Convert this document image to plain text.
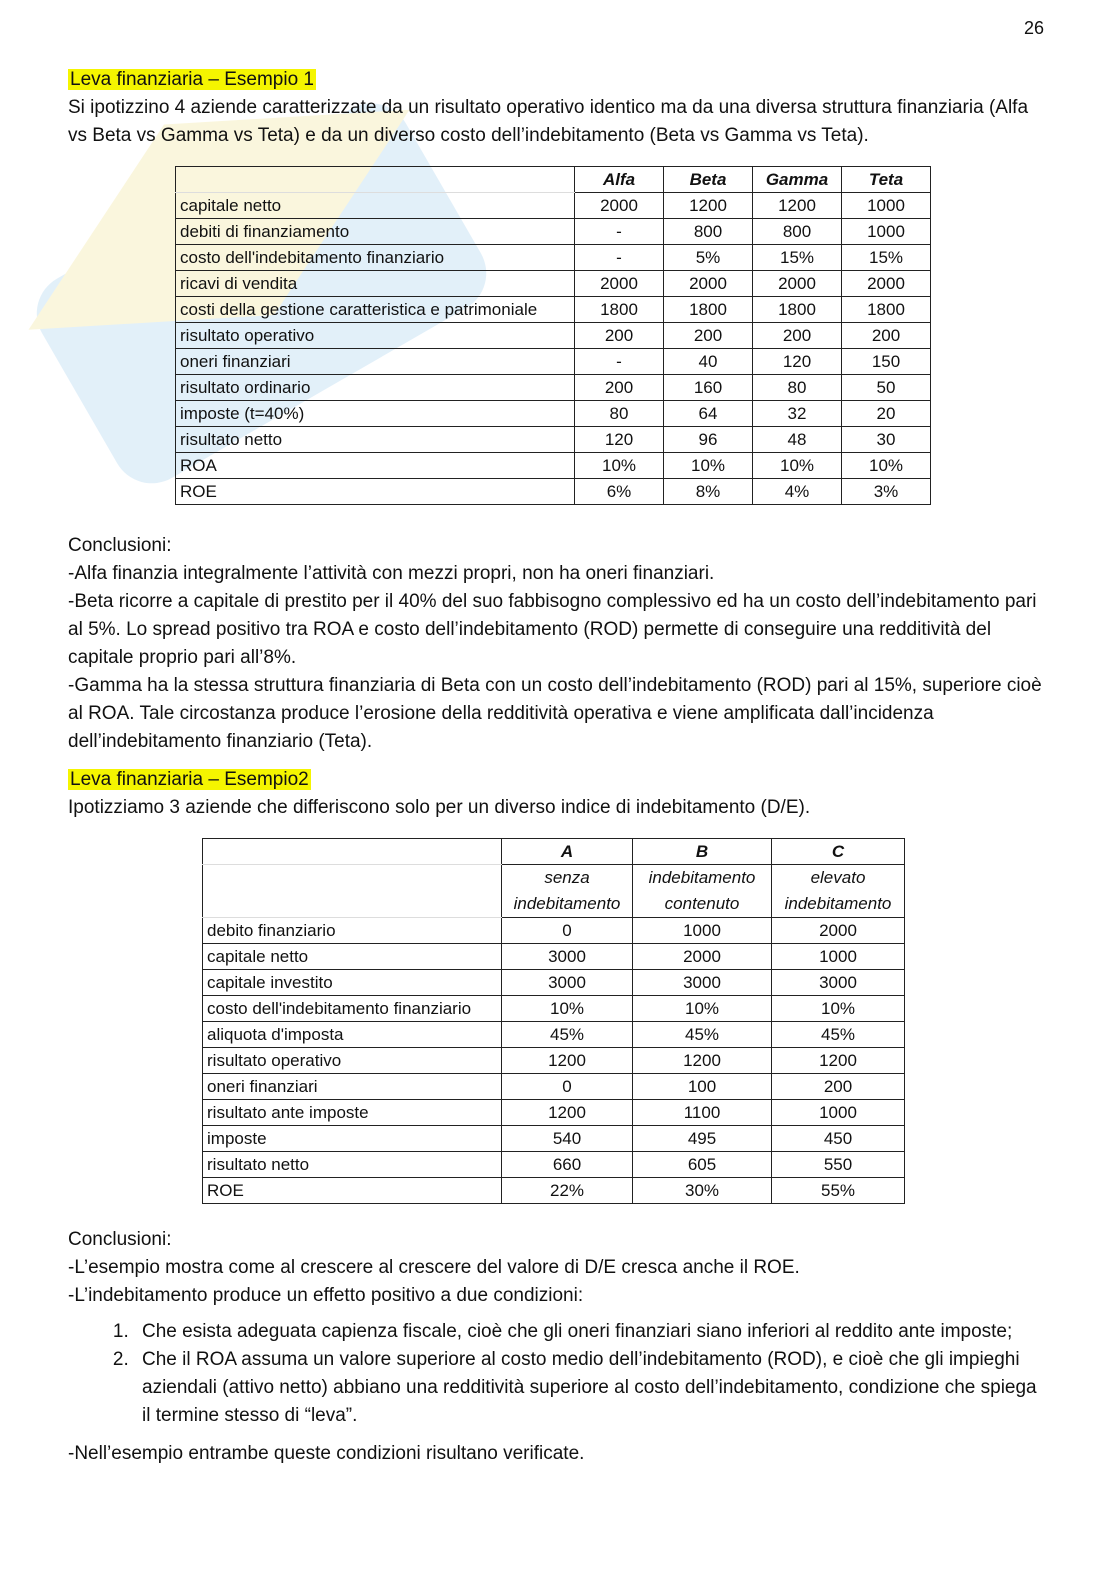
26
Leva finanziaria – Esempio 1

Si ipotizzino 4 aziende caratterizzate da un risultato operativo identico ma da una diversa struttura finanziaria (Alfa vs Beta vs Gamma vs Teta) e da un diverso costo dell’indebitamento (Beta vs Gamma vs Teta).

	Alfa	Beta	Gamma	Teta
capitale netto	2000	1200	1200	1000
debiti di finanziamento	-	800	800	1000
costo dell'indebitamento finanziario	-	5%	15%	15%
ricavi di vendita	2000	2000	2000	2000
costi della gestione caratteristica e patrimoniale	1800	1800	1800	1800
risultato operativo	200	200	200	200
oneri finanziari	-	40	120	150
risultato ordinario	200	160	80	50
imposte (t=40%)	80	64	32	20
risultato netto	120	96	48	30
ROA	10%	10%	10%	10%
ROE	6%	8%	4%	3%

Conclusioni:

-Alfa finanzia integralmente l’attività con mezzi propri, non ha oneri finanziari.

-Beta ricorre a capitale di prestito per il 40% del suo fabbisogno complessivo ed ha un costo dell’indebitamento pari al 5%. Lo spread positivo tra ROA e costo dell’indebitamento (ROD) permette di conseguire una redditività del capitale proprio pari all’8%.

-Gamma ha la stessa struttura finanziaria di Beta con un costo dell’indebitamento (ROD) pari al 15%, superiore cioè al ROA. Tale circostanza produce l’erosione della redditività operativa e viene amplificata dall’incidenza dell’indebitamento finanziario (Teta).

Leva finanziaria – Esempio2

Ipotizziamo 3 aziende che differiscono solo per un diverso indice di indebitamento (D/E).

	A	B	C
	senza indebitamento	indebitamento contenuto	elevato indebitamento
debito finanziario	0	1000	2000
capitale netto	3000	2000	1000
capitale investito	3000	3000	3000
costo dell'indebitamento finanziario	10%	10%	10%
aliquota d'imposta	45%	45%	45%
risultato operativo	1200	1200	1200
oneri finanziari	0	100	200
risultato ante imposte	1200	1100	1000
imposte	540	495	450
risultato netto	660	605	550
ROE	22%	30%	55%

Conclusioni:

-L’esempio mostra come al crescere al crescere del valore di D/E cresca anche il ROE.

-L’indebitamento produce un effetto positivo a due condizioni:

1. Che esista adeguata capienza fiscale, cioè che gli oneri finanziari siano inferiori al reddito ante imposte;
2. Che il ROA assuma un valore superiore al costo medio dell’indebitamento (ROD), e cioè che gli impieghi aziendali (attivo netto) abbiano una redditività superiore al costo dell’indebitamento, condizione che spiega il termine stesso di “leva”.

-Nell’esempio entrambe queste condizioni risultano verificate.
